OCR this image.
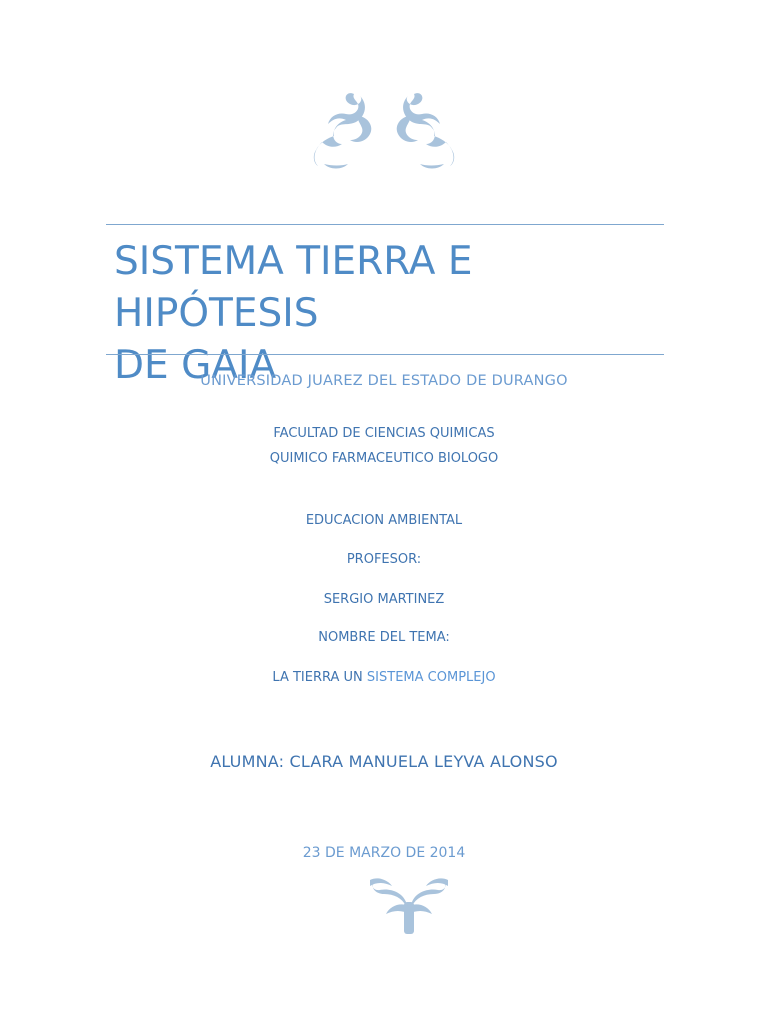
SISTEMA TIERRA E HIPÓTESIS
DE GAIA

UNIVERSIDAD JUAREZ DEL ESTADO DE DURANGO

FACULTAD DE CIENCIAS QUIMICAS

QUIMICO FARMACEUTICO BIOLOGO

EDUCACION AMBIENTAL

PROFESOR:

SERGIO MARTINEZ

NOMBRE DEL TEMA:

LA TIERRA UN SISTEMA COMPLEJO

ALUMNA: CLARA MANUELA LEYVA ALONSO

23 DE MARZO DE 2014
